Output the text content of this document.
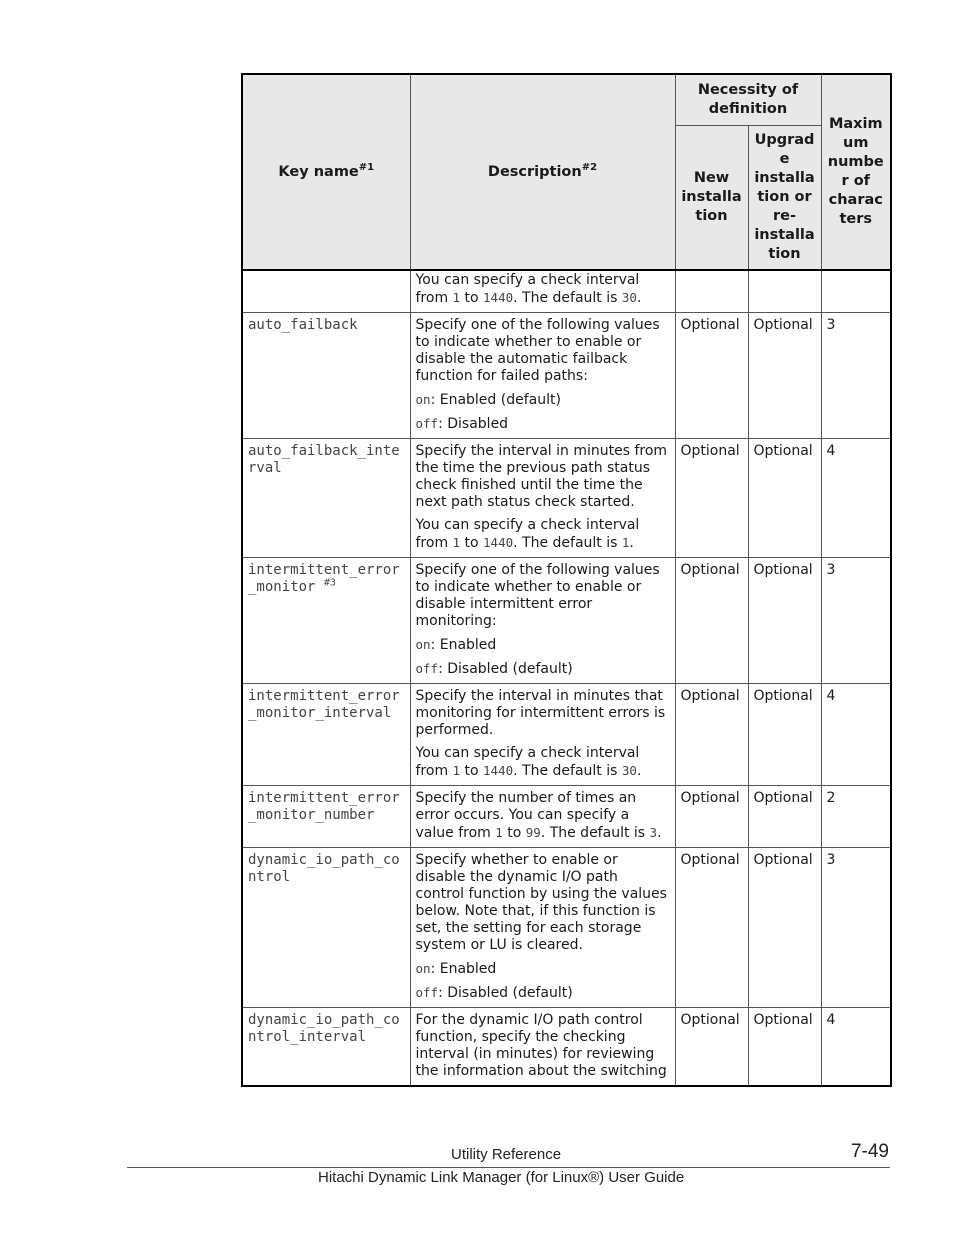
Key name$^{\#1}$	Description$^{\#2}$	Necessity of definition		Maxim um numbe r of charac ters
		New installa tion	Upgrad e installa tion or re- installa tion	

	You can specify a check interval from 1 to 1440. The default is 30.			

auto_failback	Specify one of the following values to indicate whether to enable or disable the automatic failback function for failed paths:

on: Enabled (default)

off: Disabled	Optional	Optional	3
auto_failback_interval	Specify the interval in minutes from the time the previous path status check finished until the time the next path status check started.

You can specify a check interval from 1 to 1440. The default is 1.	Optional	Optional	4
intermittent_error_monitor $^{\#3}$	Specify one of the following values to indicate whether to enable or disable intermittent error monitoring:

on: Enabled

off: Disabled (default)	Optional	Optional	3
intermittent_error_monitor_interval	Specify the interval in minutes that monitoring for intermittent errors is performed.

You can specify a check interval from 1 to 1440. The default is 30.	Optional	Optional	4
intermittent_error_monitor_number	Specify the number of times an error occurs. You can specify a value from 1 to 99. The default is 3.	Optional	Optional	2
dynamic_io_path_control	Specify whether to enable or disable the dynamic I/O path control function by using the values below. Note that, if this function is set, the setting for each storage system or LU is cleared.

on: Enabled

off: Disabled (default)	Optional	Optional	3
dynamic_io_path_control_interval	For the dynamic I/O path control function, specify the checking interval (in minutes) for reviewing the information about the switching	Optional	Optional	4
Utility Reference	7-49
Hitachi Dynamic Link Manager (for Linux®) User Guide
